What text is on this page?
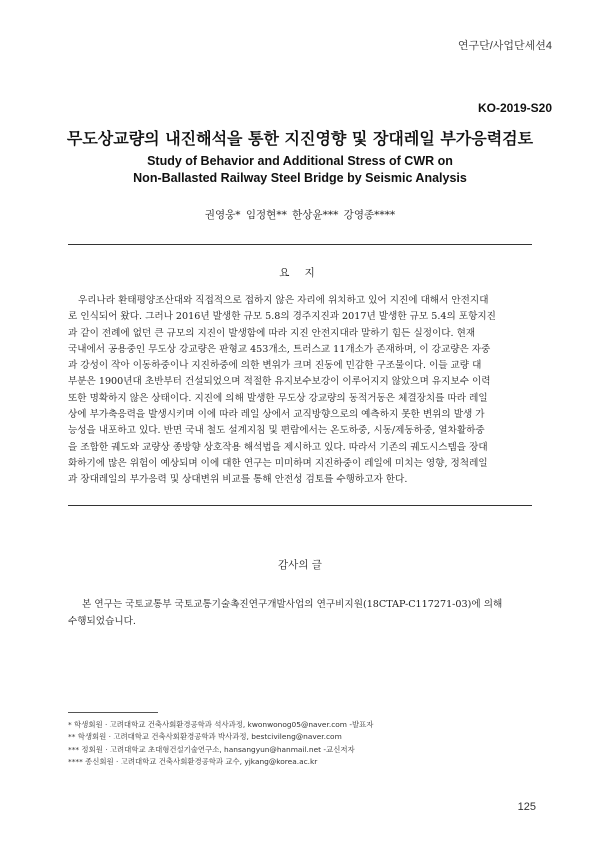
연구단/사업단세션4
KO-2019-S20
무도상교량의 내진해석을 통한 지진영향 및 장대레일 부가응력검토
Study of Behavior and Additional Stress of CWR on
Non-Ballasted Railway Steel Bridge by Seismic Analysis
권영웅* 임정현** 한상윤*** 강영종****
요 지
우리나라 환태평양조산대와 직접적으로 접하지 않은 자리에 위치하고 있어 지진에 대해서 안전지대
로 인식되어 왔다. 그러나 2016년 발생한 규모 5.8의 경주지진과 2017년 발생한 규모 5.4의 포항지진
과 같이 전례에 없던 큰 규모의 지진이 발생함에 따라 지진 안전지대라 말하기 힘든 실정이다. 현재
국내에서 공용중인 무도상 강교량은 판형교 453개소, 트러스교 11개소가 존재하며, 이 강교량은 자중
과 강성이 작아 이동하중이나 지진하중에 의한 변위가 크며 진동에 민감한 구조물이다. 이들 교량 대
부분은 1900년대 초반부터 건설되었으며 적절한 유지보수보강이 이루어지지 않았으며 유지보수 이력
또한 명확하지 않은 상태이다. 지진에 의해 발생한 무도상 강교량의 동적거동은 체결장치를 따라 레일
상에 부가축응력을 발생시키며 이에 따라 레일 상에서 교직방향으로의 예측하지 못한 변위의 발생 가
능성을 내포하고 있다. 반면 국내 철도 설계지침 및 편람에서는 온도하중, 시동/제동하중, 열차활하중
을 조합한 궤도와 교량상 종방향 상호작용 해석법을 제시하고 있다. 따라서 기존의 궤도시스템을 장대
화하기에 많은 위험이 예상되며 이에 대한 연구는 미미하며 지진하중이 레일에 미치는 영향, 정척레일
과 장대레일의 부가응력 및 상대변위 비교를 통해 안전성 검토를 수행하고자 한다.
감사의 글
본 연구는 국토교통부 국토교통기술촉진연구개발사업의 연구비지원(18CTAP-C117271-03)에 의해
수행되었습니다.
* 학생회원 · 고려대학교 건축사회환경공학과 석사과정, kwonwonog05@naver.com -발표자
** 학생회원 · 고려대학교 건축사회환경공학과 박사과정, bestcivileng@naver.com
*** 정회원 · 고려대학교 초대형건설기술연구소, hansangyun@hanmail.net -교신저자
**** 종신회원 · 고려대학교 건축사회환경공학과 교수, yjkang@korea.ac.kr
125
